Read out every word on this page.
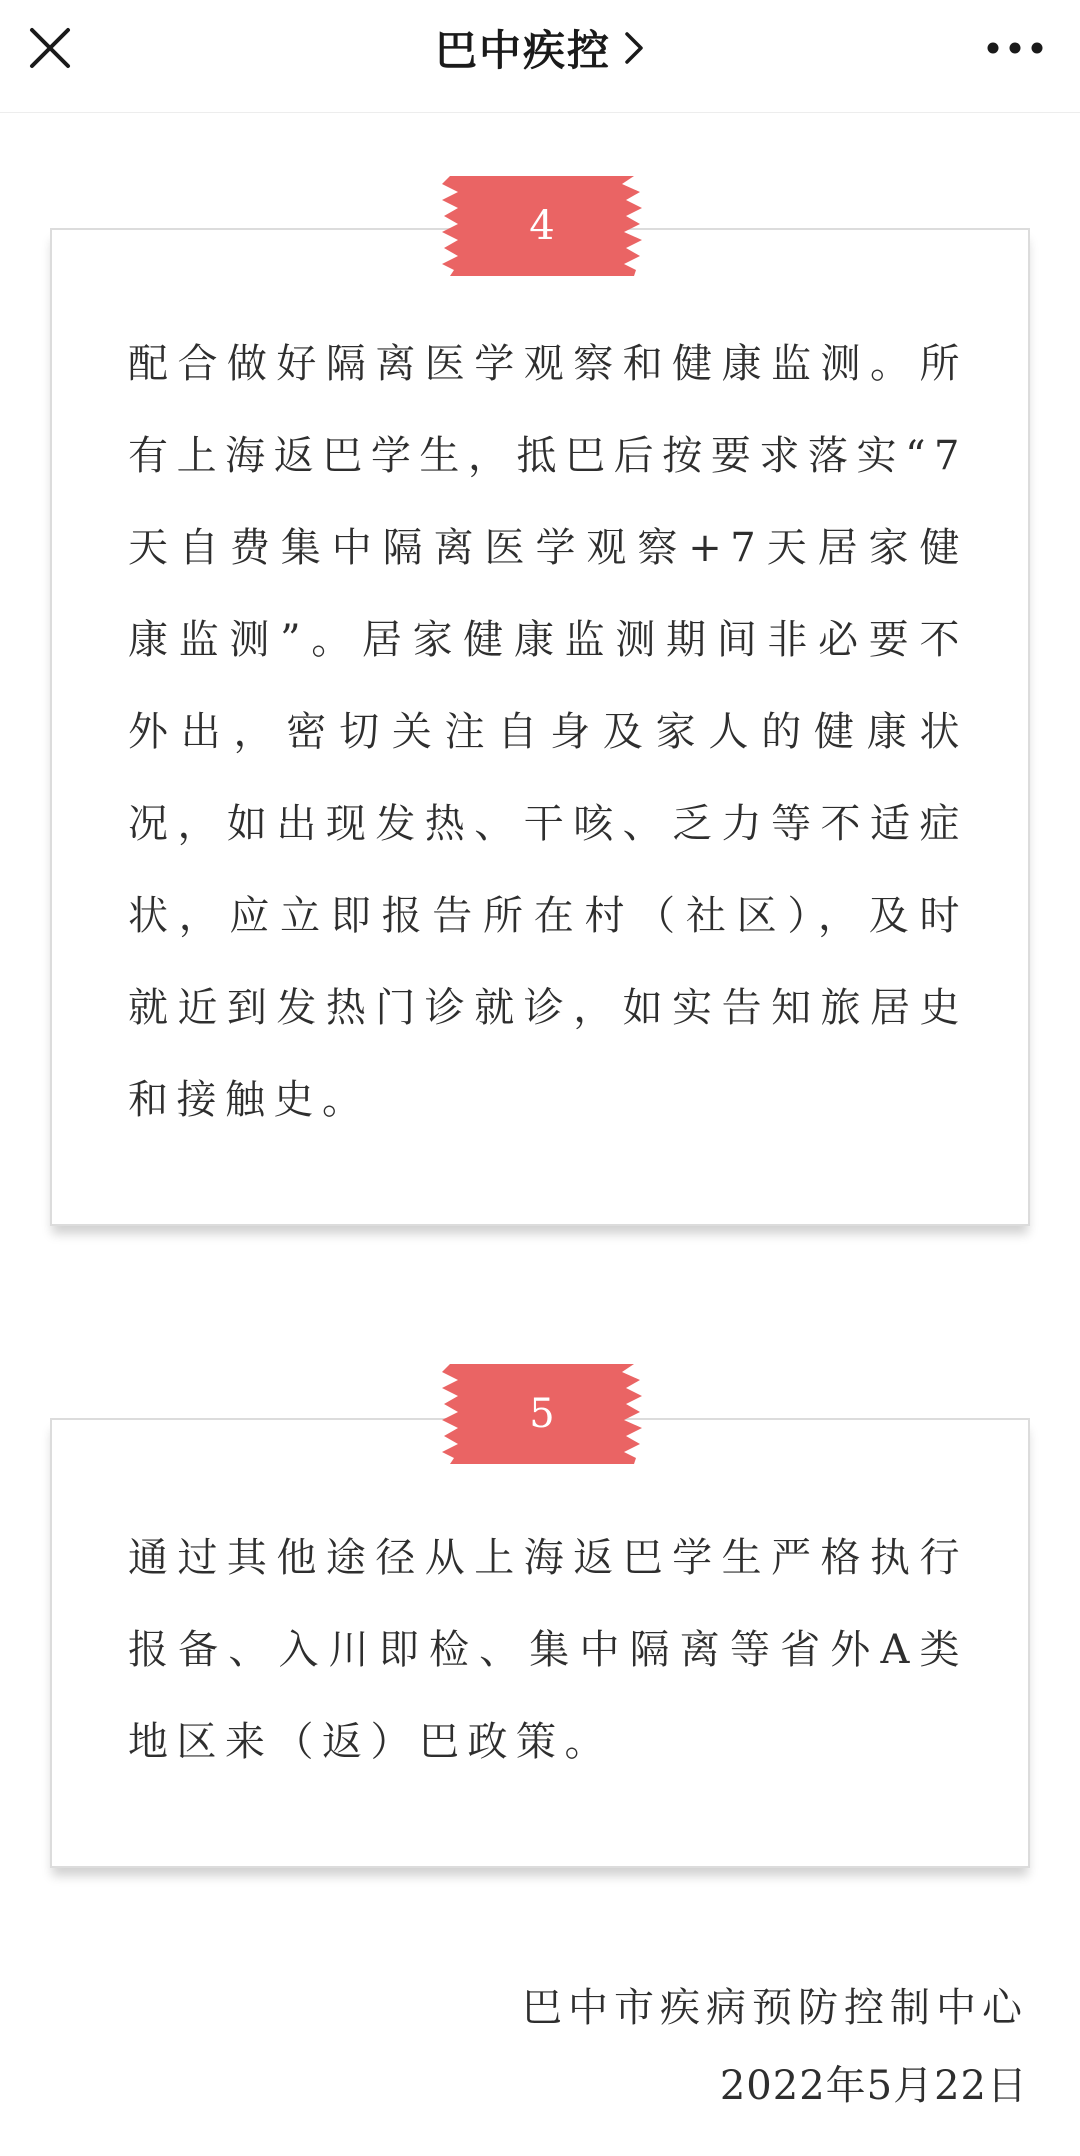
巴中疾控

配合做好隔离医学观察和健康监测。所有上海返巴学生，抵巴后按要求落实“7天自费集中隔离医学观察+7天居家健康监测”。居家健康监测期间非必要不外出，密切关注自身及家人的健康状况，如出现发热、干咳、乏力等不适症状，应立即报告所在村（社区），及时就近到发热门诊就诊，如实告知旅居史和接触史。

4

通过其他途径从上海返巴学生严格执行报备、入川即检、集中隔离等省外A类地区来（返）巴政策。

5
巴中市疾病预防控制中心
2022年5月22日
